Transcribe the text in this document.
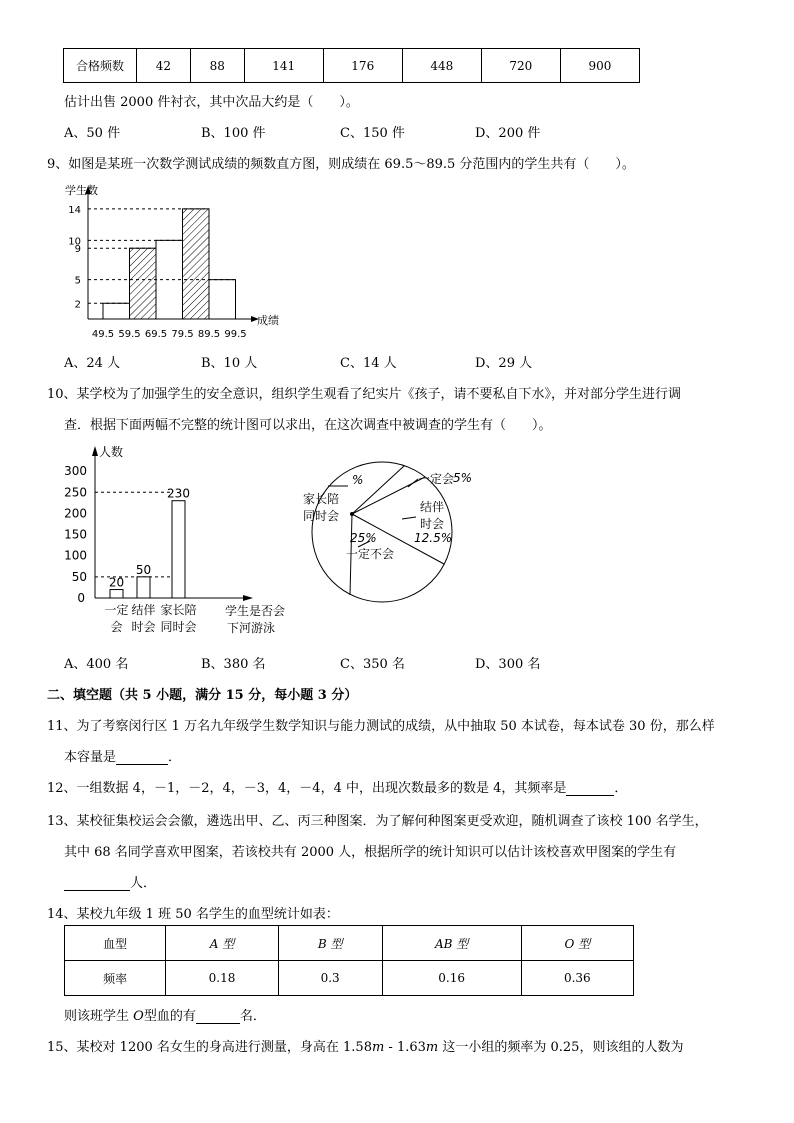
合格频数	42	88	141	176	448	720	900
估计出售 2000 件衬衣，其中次品大约是（　　）。
A、50 件	B、100 件	C、150 件	D、200 件
9、如图是某班一次数学测试成绩的频数直方图，则成绩在 69.5～89.5 分范围内的学生共有（　　）。
2
5
9
10
14
49.5 59.5 69.5 79.5 89.5 99.5
学生数
成绩
A、24 人	B、10 人	C、14 人	D、29 人
10、某学校为了加强学生的安全意识，组织学生观看了纪实片《孩子，请不要私自下水》，并对部分学生进行调
查．根据下面两幅不完整的统计图可以求出，在这次调查中被调查的学生有（　　）。
300
250
200
150
100
50
0
20
一定
会
50
结伴
时会
230
家长陪
同时会
人数
学生是否会
下河游泳
%
家长陪
同时会
一定会
5%
结伴
时会
12.5%
25%
一定不会
A、400 名	B、380 名	C、350 名	D、300 名
二、填空题（共 5 小题，满分 15 分，每小题 3 分）
11、为了考察闵行区 1 万名九年级学生数学知识与能力测试的成绩，从中抽取 50 本试卷，每本试卷 30 份，那么样
本容量是	．
12、一组数据 4，－1，－2，4，－3，4，－4，4 中，出现次数最多的数是 4，其频率是	．
13、某校征集校运会会徽，遴选出甲、乙、丙三种图案．为了解何种图案更受欢迎，随机调查了该校 100 名学生，
其中 68 名同学喜欢甲图案，若该校共有 2000 人，根据所学的统计知识可以估计该校喜欢甲图案的学生有
人．
14、某校九年级 1 班 50 名学生的血型统计如表：
血型	A 型	B 型	AB 型	O 型
频率	0.18	0.3	0.16	0.36
则该班学生 O型血的有	名．
15、某校对 1200 名女生的身高进行测量，身高在 1.58m - 1.63m 这一小组的频率为 0.25，则该组的人数为
